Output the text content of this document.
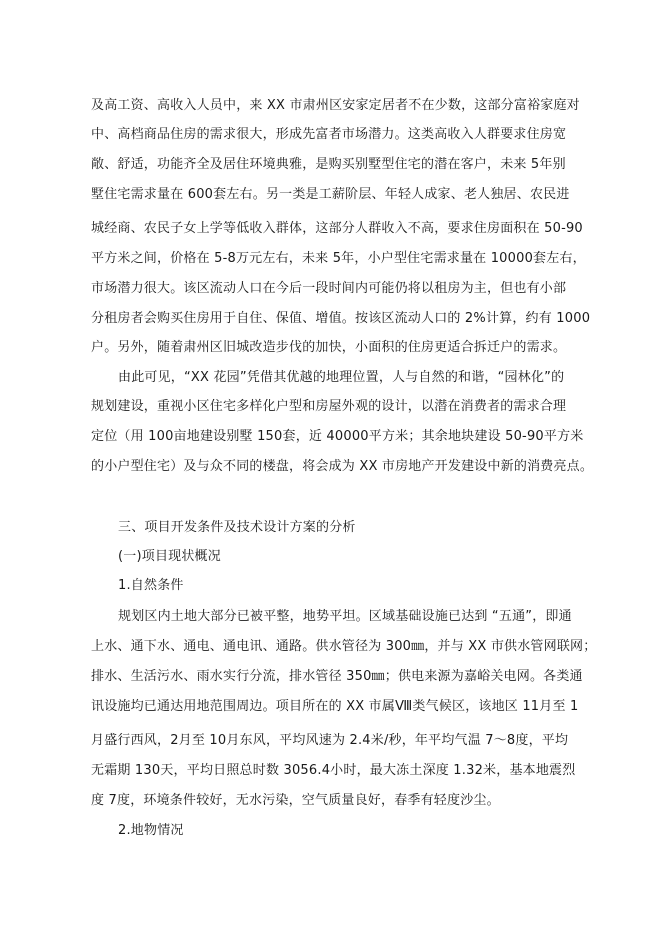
及高工资、高收入人员中，来 XX 市肃州区安家定居者不在少数，这部分富裕家庭对
中、高档商品住房的需求很大，形成先富者市场潜力。这类高收入人群要求住房宽
敞、舒适，功能齐全及居住环境典雅，是购买别墅型住宅的潜在客户，未来 5年别
墅住宅需求量在 600套左右。另一类是工薪阶层、年轻人成家、老人独居、农民进
城经商、农民子女上学等低收入群体，这部分人群收入不高，要求住房面积在 50-90
平方米之间，价格在 5-8万元左右，未来 5年，小户型住宅需求量在 10000套左右，
市场潜力很大。该区流动人口在今后一段时间内可能仍将以租房为主，但也有小部
分租房者会购买住房用于自住、保值、增值。按该区流动人口的 2%计算，约有 1000
户。另外，随着肃州区旧城改造步伐的加快，小面积的住房更适合拆迁户的需求。
由此可见，“XX 花园”凭借其优越的地理位置，人与自然的和谐，“园林化”的
规划建设，重视小区住宅多样化户型和房屋外观的设计，以潜在消费者的需求合理
定位（用 100亩地建设别墅 150套，近 40000平方米；其余地块建设 50-90平方米
的小户型住宅）及与众不同的楼盘，将会成为 XX 市房地产开发建设中新的消费亮点。
三、项目开发条件及技术设计方案的分析
(一)项目现状概况
1.自然条件
规划区内土地大部分已被平整，地势平坦。区域基础设施已达到 “五通”，即通
上水、通下水、通电、通电讯、通路。供水管径为 300㎜，并与 XX 市供水管网联网；
排水、生活污水、雨水实行分流，排水管径 350㎜；供电来源为嘉峪关电网。各类通
讯设施均已通达用地范围周边。项目所在的 XX 市属Ⅷ类气候区，该地区 11月至 1
月盛行西风，2月至 10月东风，平均风速为 2.4米/秒，年平均气温 7～8度，平均
无霜期 130天，平均日照总时数 3056.4小时，最大冻土深度 1.32米，基本地震烈
度 7度，环境条件较好，无水污染，空气质量良好，春季有轻度沙尘。
2.地物情况
